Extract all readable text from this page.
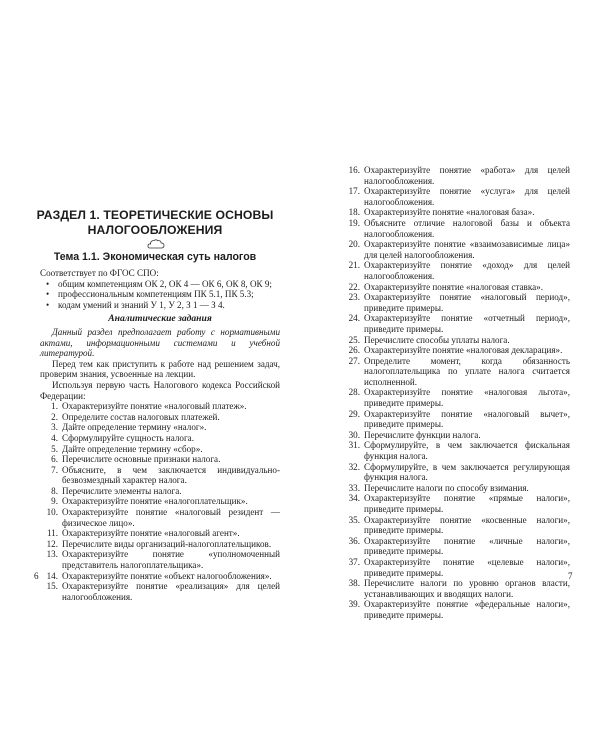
РАЗДЕЛ 1. ТЕОРЕТИЧЕСКИЕ ОСНОВЫ
НАЛОГООБЛОЖЕНИЯ
Тема 1.1. Экономическая суть налогов

Соответствует по ФГОС СПО:

• общим компетенциям ОК 2, ОК 4 — ОК 6, ОК 8, ОК 9;
• профессиональным компетенциям ПК 5.1, ПК 5.3;
• кодам умений и знаний У 1, У 2, З 1 — З 4.

Аналитические задания

Данный раздел предполагает работу с нормативными актами, информационными системами и учебной литературой.

Перед тем как приступить к работе над решением задач, проверим знания, усвоенные на лекции.

Используя первую часть Налогового кодекса Российской Федерации:

1. Охарактеризуйте понятие «налоговый платеж».
2. Определите состав налоговых платежей.
3. Дайте определение термину «налог».
4. Сформулируйте сущность налога.
5. Дайте определение термину «сбор».
6. Перечислите основные признаки налога.
7. Объясните, в чем заключается индивидуально-безвозмездный характер налога.
8. Перечислите элементы налога.
9. Охарактеризуйте понятие «налогоплательщик».
10. Охарактеризуйте понятие «налоговый резидент — физическое лицо».
11. Охарактеризуйте понятие «налоговый агент».
12. Перечислите виды организаций-налогоплательщиков.
13. Охарактеризуйте понятие «уполномоченный представитель налогоплательщика».
14. Охарактеризуйте понятие «объект налогообложения».
15. Охарактеризуйте понятие «реализация» для целей налогообложения.
6
16. Охарактеризуйте понятие «работа» для целей налогообложения.
17. Охарактеризуйте понятие «услуга» для целей налогообложения.
18. Охарактеризуйте понятие «налоговая база».
19. Объясните отличие налоговой базы и объекта налогообложения.
20. Охарактеризуйте понятие «взаимозависимые лица» для целей налогообложения.
21. Охарактеризуйте понятие «доход» для целей налогообложения.
22. Охарактеризуйте понятие «налоговая ставка».
23. Охарактеризуйте понятие «налоговый период», приведите примеры.
24. Охарактеризуйте понятие «отчетный период», приведите примеры.
25. Перечислите способы уплаты налога.
26. Охарактеризуйте понятие «налоговая декларация».
27. Определите момент, когда обязанность налогоплательщика по уплате налога считается исполненной.
28. Охарактеризуйте понятие «налоговая льгота», приведите примеры.
29. Охарактеризуйте понятие «налоговый вычет», приведите примеры.
30. Перечислите функции налога.
31. Сформулируйте, в чем заключается фискальная функция налога.
32. Сформулируйте, в чем заключается регулирующая функция налога.
33. Перечислите налоги по способу взимания.
34. Охарактеризуйте понятие «прямые налоги», приведите примеры.
35. Охарактеризуйте понятие «косвенные налоги», приведите примеры.
36. Охарактеризуйте понятие «личные налоги», приведите примеры.
37. Охарактеризуйте понятие «целевые налоги», приведите примеры.
38. Перечислите налоги по уровню органов власти, устанавливающих и вводящих налоги.
39. Охарактеризуйте понятие «федеральные налоги», приведите примеры.
7
